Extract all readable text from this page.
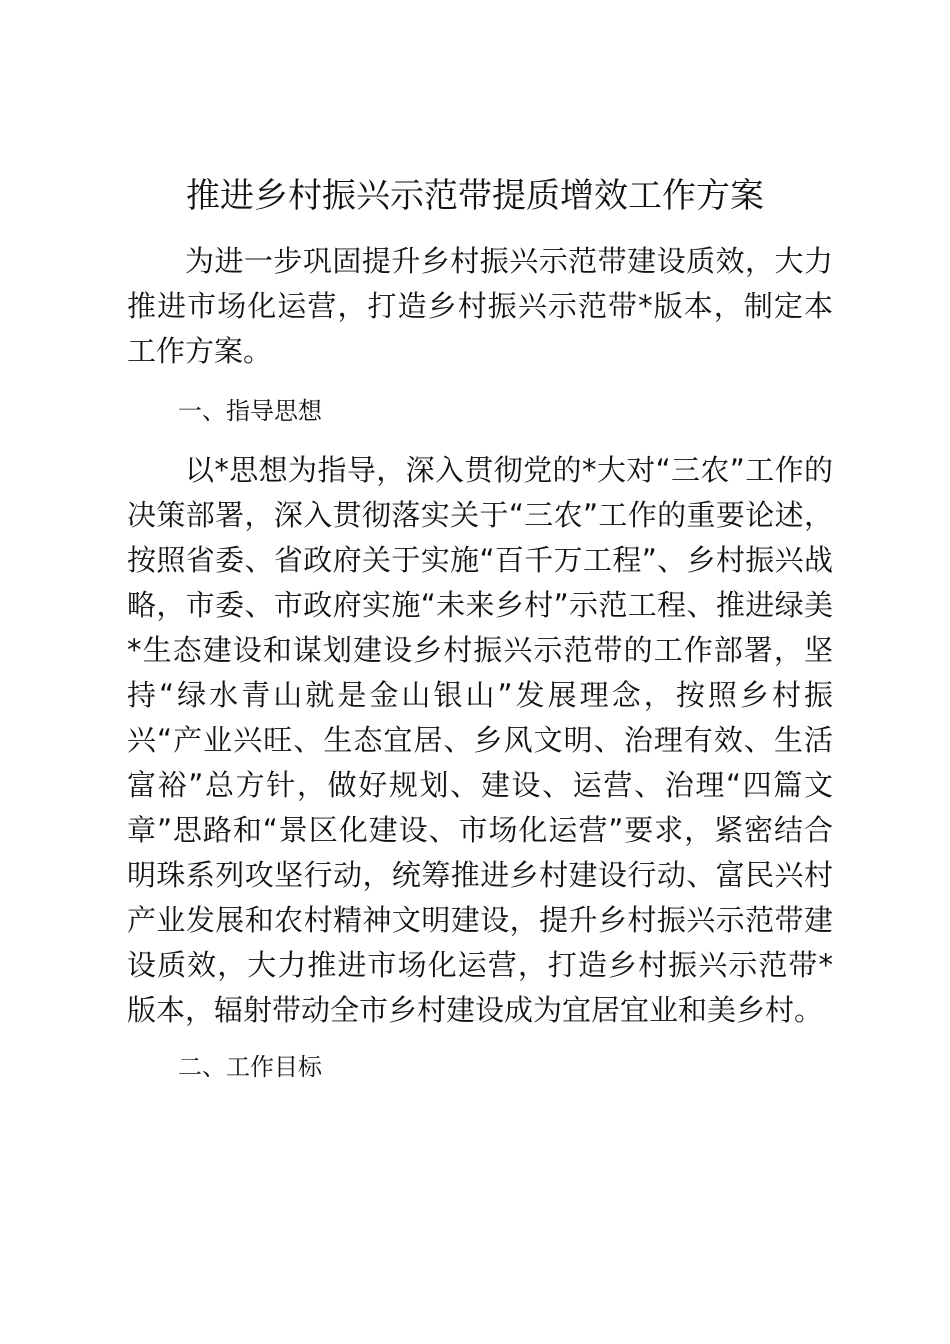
推进乡村振兴示范带提质增效工作方案

为进一步巩固提升乡村振兴示范带建设质效，大力推进市场化运营，打造乡村振兴示范带*版本，制定本工作方案。

一、指导思想

以*思想为指导，深入贯彻党的*大对“三农”工作的决策部署，深入贯彻落实关于“三农”工作的重要论述，按照省委、省政府关于实施“百千万工程”、乡村振兴战略，市委、市政府实施“未来乡村”示范工程、推进绿美*生态建设和谋划建设乡村振兴示范带的工作部署，坚持“绿水青山就是金山银山”发展理念，按照乡村振兴“产业兴旺、生态宜居、乡风文明、治理有效、生活富裕”总方针，做好规划、建设、运营、治理“四篇文章”思路和“景区化建设、市场化运营”要求，紧密结合明珠系列攻坚行动，统筹推进乡村建设行动、富民兴村产业发展和农村精神文明建设，提升乡村振兴示范带建设质效，大力推进市场化运营，打造乡村振兴示范带*版本，辐射带动全市乡村建设成为宜居宜业和美乡村。

二、工作目标
